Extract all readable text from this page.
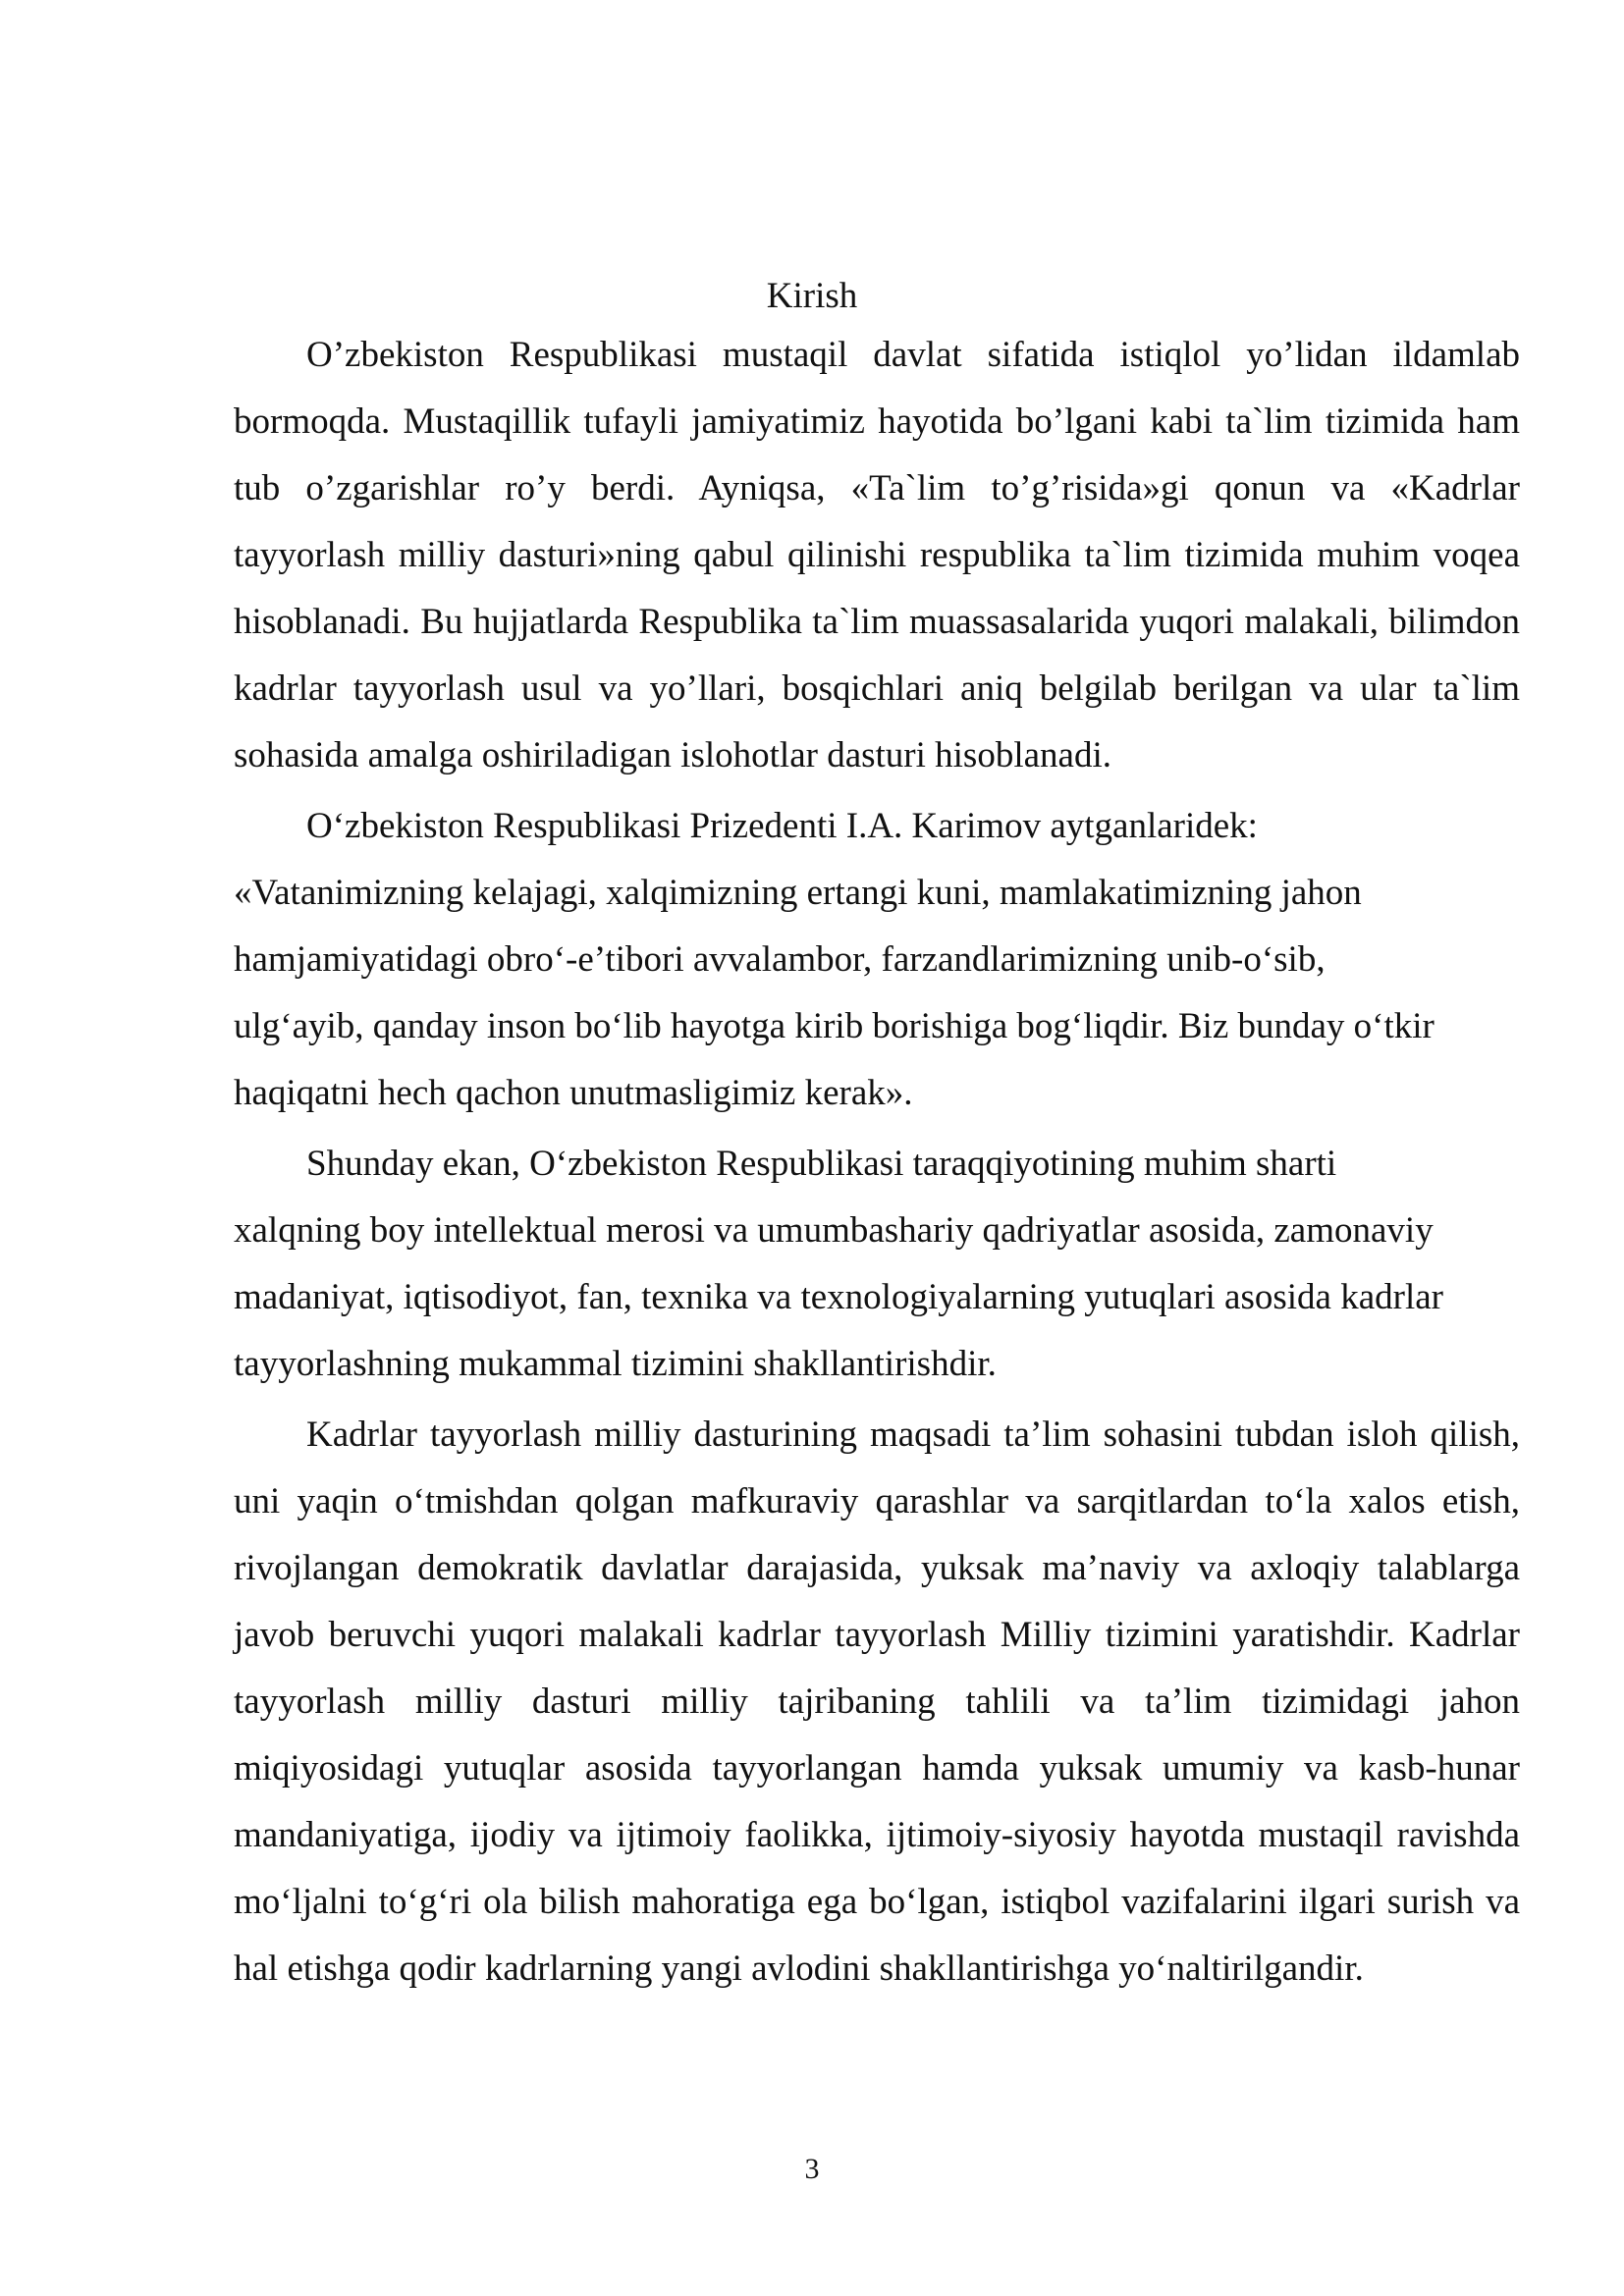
Kirish

O’zbekiston Respublikasi mustaqil davlat sifatida istiqlol yo’lidan ildamlab bormoqda. Mustaqillik tufayli jamiyatimiz hayotida bo’lgani kabi ta`lim tizimida ham tub o’zgarishlar ro’y berdi. Ayniqsa, «Ta`lim to’g’risida»gi qonun va «Kadrlar tayyorlash milliy dasturi»ning qabul qilinishi respublika ta`lim tizimida muhim voqea hisoblanadi. Bu hujjatlarda Respublika ta`lim muassasalarida yuqori malakali, bilimdon kadrlar tayyorlash usul va yo’llari, bosqichlari aniq belgilab berilgan va ular ta`lim sohasida amalga oshiriladigan islohotlar dasturi hisoblanadi.

O‘zbekiston Respublikasi Prizedenti I.A. Karimov aytganlaridek:

«Vatanimizning kelajagi, xalqimizning ertangi kuni, mamlakatimizning jahon

hamjamiyatidagi obro‘-e’tibori avvalambor, farzandlarimizning unib-o‘sib,

ulg‘ayib, qanday inson bo‘lib hayotga kirib borishiga bog‘liqdir. Biz bunday o‘tkir

haqiqatni hech qachon unutmasligimiz kerak».

Shunday ekan, O‘zbekiston Respublikasi taraqqiyotining muhim sharti

xalqning boy intellektual merosi va umumbashariy qadriyatlar asosida, zamonaviy

madaniyat, iqtisodiyot, fan, texnika va texnologiyalarning yutuqlari asosida kadrlar

tayyorlashning mukammal tizimini shakllantirishdir.

Kadrlar tayyorlash milliy dasturining maqsadi ta’lim sohasini tubdan isloh qilish, uni yaqin o‘tmishdan qolgan mafkuraviy qarashlar va sarqitlardan to‘la xalos etish, rivojlangan demokratik davlatlar darajasida, yuksak ma’naviy va axloqiy talablarga javob beruvchi yuqori malakali kadrlar tayyorlash Milliy tizimini yaratishdir. Kadrlar tayyorlash milliy dasturi milliy tajribaning tahlili va ta’lim tizimidagi jahon miqiyosidagi yutuqlar asosida tayyorlangan hamda yuksak umumiy va kasb-hunar mandaniyatiga, ijodiy va ijtimoiy faolikka, ijtimoiy-siyosiy hayotda mustaqil ravishda mo‘ljalni to‘g‘ri ola bilish mahoratiga ega bo‘lgan, istiqbol vazifalarini ilgari surish va hal etishga qodir kadrlarning yangi avlodini shakllantirishga yo‘naltirilgandir.

3
